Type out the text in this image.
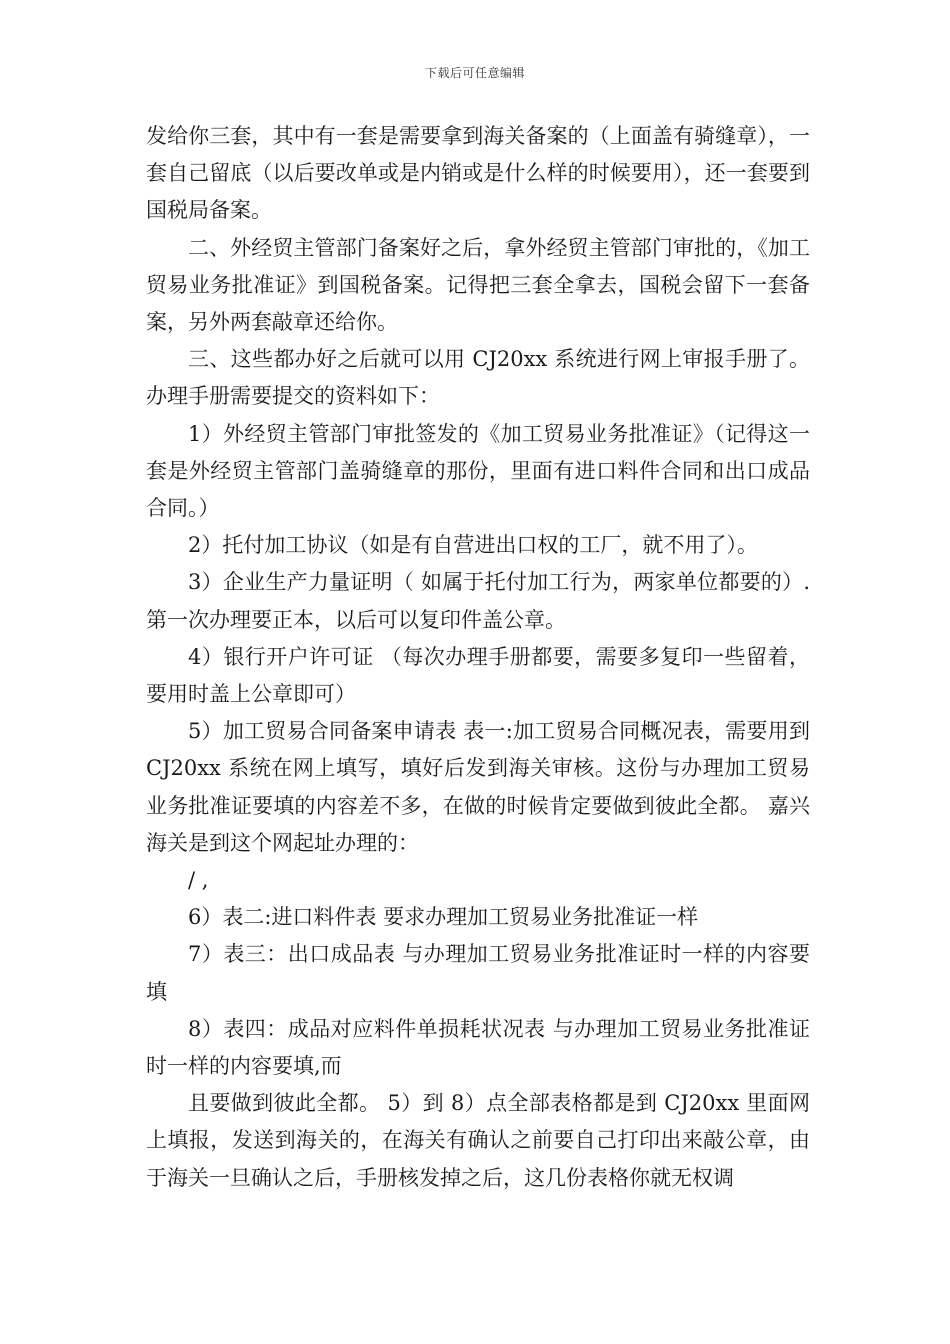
下载后可任意编辑

发给你三套，其中有一套是需要拿到海关备案的（上面盖有骑缝章），一套自己留底（以后要改单或是内销或是什么样的时候要用），还一套要到国税局备案。

二、外经贸主管部门备案好之后，拿外经贸主管部门审批的，《加工贸易业务批准证》到国税备案。记得把三套全拿去，国税会留下一套备案，另外两套敲章还给你。

三、这些都办好之后就可以用 CJ20xx 系统进行网上审报手册了。办理手册需要提交的资料如下：

1）外经贸主管部门审批签发的《加工贸易业务批准证》（记得这一套是外经贸主管部门盖骑缝章的那份，里面有进口料件合同和出口成品合同。）

2）托付加工协议（如是有自营进出口权的工厂，就不用了）。

3）企业生产力量证明（ 如属于托付加工行为，两家单位都要的）.第一次办理要正本，以后可以复印件盖公章。

4）银行开户许可证 （每次办理手册都要，需要多复印一些留着，要用时盖上公章即可）

5）加工贸易合同备案申请表 表一:加工贸易合同概况表，需要用到 CJ20xx 系统在网上填写，填好后发到海关审核。这份与办理加工贸易业务批准证要填的内容差不多，在做的时候肯定要做到彼此全都。 嘉兴海关是到这个网起址办理的：

/ ,

6）表二:进口料件表 要求办理加工贸易业务批准证一样

7）表三：出口成品表 与办理加工贸易业务批准证时一样的内容要填

8）表四：成品对应料件单损耗状况表 与办理加工贸易业务批准证时一样的内容要填,而

且要做到彼此全都。 5）到 8）点全部表格都是到 CJ20xx 里面网上填报，发送到海关的，在海关有确认之前要自己打印出来敲公章，由于海关一旦确认之后，手册核发掉之后，这几份表格你就无权调
